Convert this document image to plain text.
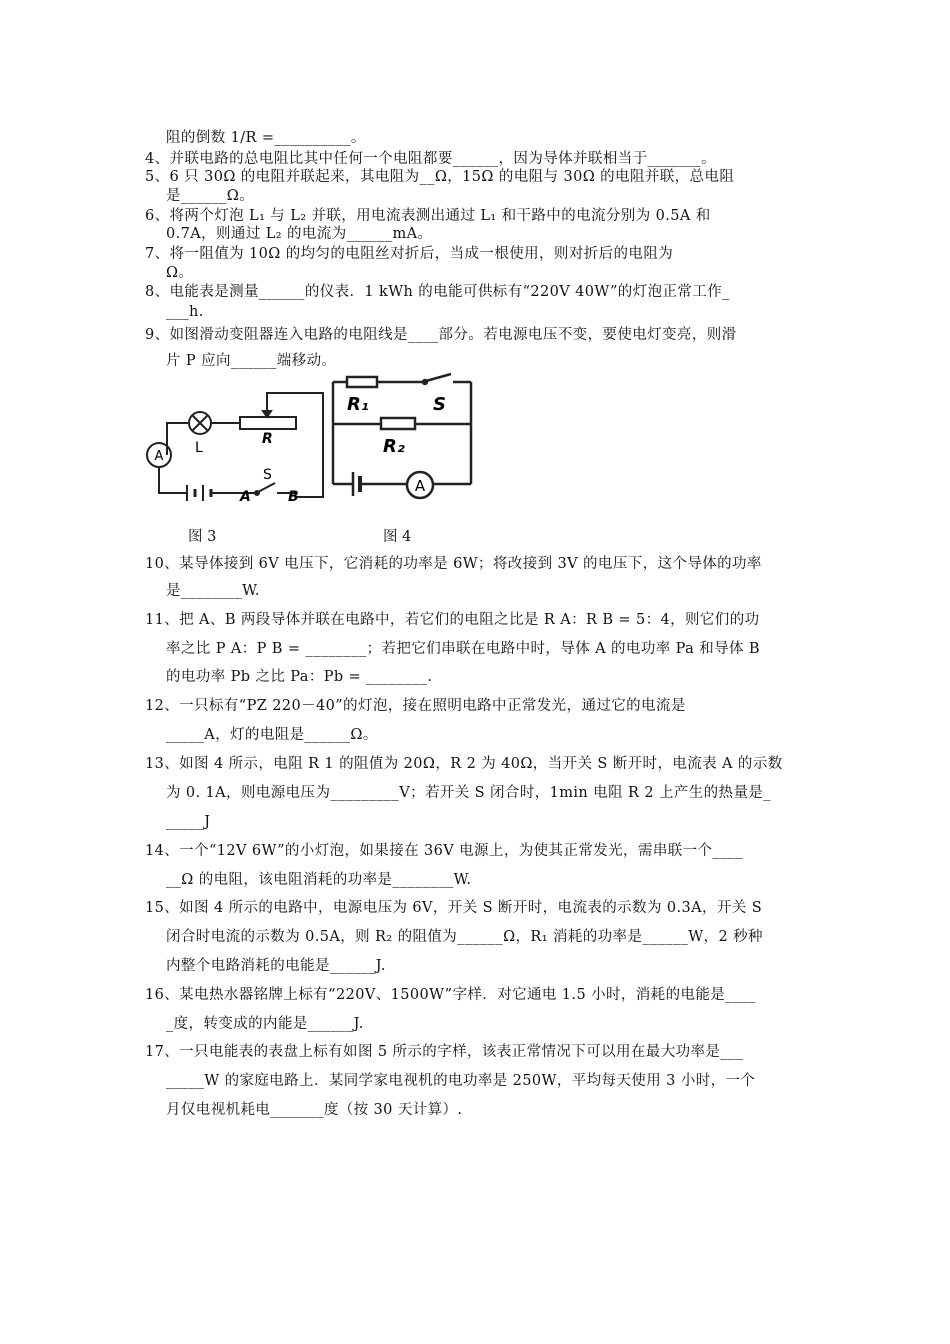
阻的倒数 1/R =__________。
4、并联电路的总电阻比其中任何一个电阻都要______，因为导体并联相当于_______。
5、6 只 30Ω 的电阻并联起来，其电阻为__Ω，15Ω 的电阻与 30Ω 的电阻并联，总电阻
是______Ω。
6、将两个灯泡 L₁ 与 L₂ 并联，用电流表测出通过 L₁ 和干路中的电流分别为 0.5A 和
0.7A，则通过 L₂ 的电流为______mA。
7、将一阻值为 10Ω 的均匀的电阻丝对折后，当成一根使用，则对折后的电阻为
Ω。
8、电能表是测量______的仪表．1 kWh 的电能可供标有“220V 40W”的灯泡正常工作_
___h.
9、如图滑动变阻器连入电路的电阻线是____部分。若电源电压不变，要使电灯变亮，则滑
片 P 应向______端移动。
A
L
R
S
A	B
R₁	S
R₂
A
图 3	图 4
10、某导体接到 6V 电压下，它消耗的功率是 6W；将改接到 3V 的电压下，这个导体的功率
是________W.
11、把 A、B 两段导体并联在电路中，若它们的电阻之比是 R A：R B = 5：4，则它们的功
率之比 P A：P B = ________；若把它们串联在电路中时，导体 A 的电功率 Pa 和导体 B
的电功率 Pb 之比 Pa：Pb = ________.
12、一只标有“PZ 220－40”的灯泡，接在照明电路中正常发光，通过它的电流是
_____A，灯的电阻是______Ω。
13、如图 4 所示，电阻 R 1 的阻值为 20Ω，R 2 为 40Ω，当开关 S 断开时，电流表 A 的示数
为 0. 1A，则电源电压为_________V；若开关 S 闭合时，1min 电阻 R 2 上产生的热量是_
_____J
14、一个“12V 6W”的小灯泡，如果接在 36V 电源上，为使其正常发光，需串联一个____
__Ω 的电阻，该电阻消耗的功率是________W.
15、如图 4 所示的电路中，电源电压为 6V，开关 S 断开时，电流表的示数为 0.3A，开关 S
闭合时电流的示数为 0.5A，则 R₂ 的阻值为______Ω，R₁ 消耗的功率是______W，2 秒种
内整个电路消耗的电能是______J.
16、某电热水器铭牌上标有“220V、1500W”字样．对它通电 1.5 小时，消耗的电能是____
_度，转变成的内能是______J.
17、一只电能表的表盘上标有如图 5 所示的字样，该表正常情况下可以用在最大功率是___
_____W 的家庭电路上．某同学家电视机的电功率是 250W，平均每天使用 3 小时，一个
月仅电视机耗电_______度（按 30 天计算）.
